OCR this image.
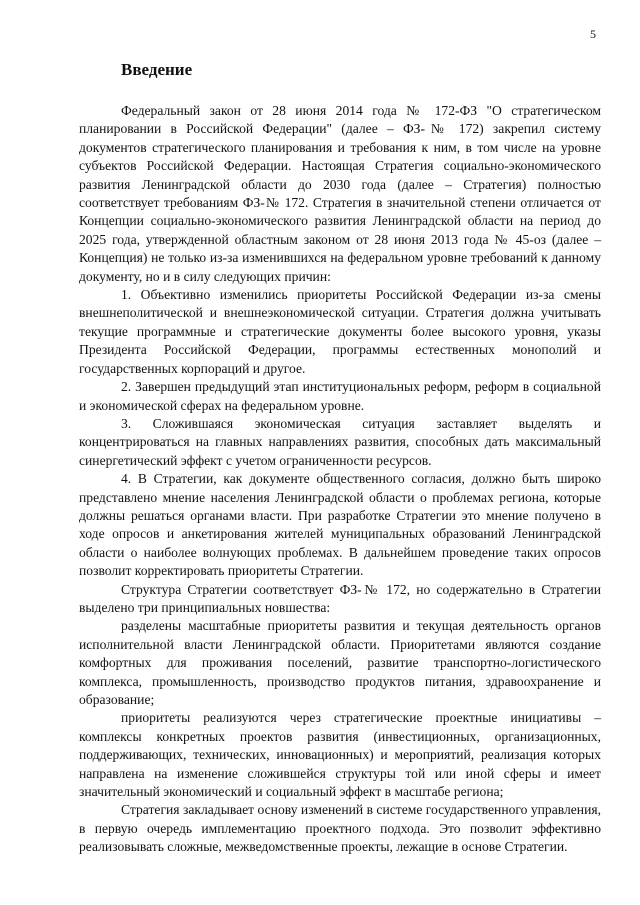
5
Введение

Федеральный закон от 28 июня 2014 года № 172-ФЗ "О стратегическом планировании в Российской Федерации" (далее – ФЗ-№ 172) закрепил систему документов стратегического планирования и требования к ним, в том числе на уровне субъектов Российской Федерации. Настоящая Стратегия социально-экономического развития Ленинградской области до 2030 года (далее – Стратегия) полностью соответствует требованиям ФЗ-№ 172. Стратегия в значительной степени отличается от Концепции социально-экономического развития Ленинградской области на период до 2025 года, утвержденной областным законом от 28 июня 2013 года № 45-оз (далее – Концепция) не только из-за изменившихся на федеральном уровне требований к данному документу, но и в силу следующих причин:

1. Объективно изменились приоритеты Российской Федерации из-за смены внешнеполитической и внешнеэкономической ситуации. Стратегия должна учитывать текущие программные и стратегические документы более высокого уровня, указы Президента Российской Федерации, программы естественных монополий и государственных корпораций и другое.

2. Завершен предыдущий этап институциональных реформ, реформ в социальной и экономической сферах на федеральном уровне.

3. Сложившаяся экономическая ситуация заставляет выделять и концентрироваться на главных направлениях развития, способных дать максимальный синергетический эффект с учетом ограниченности ресурсов.

4. В Стратегии, как документе общественного согласия, должно быть широко представлено мнение населения Ленинградской области о проблемах региона, которые должны решаться органами власти. При разработке Стратегии это мнение получено в ходе опросов и анкетирования жителей муниципальных образований Ленинградской области о наиболее волнующих проблемах. В дальнейшем проведение таких опросов позволит корректировать приоритеты Стратегии.

Структура Стратегии соответствует ФЗ-№ 172, но содержательно в Стратегии выделено три принципиальных новшества:

разделены масштабные приоритеты развития и текущая деятельность органов исполнительной власти Ленинградской области. Приоритетами являются создание комфортных для проживания поселений, развитие транспортно-логистического комплекса, промышленность, производство продуктов питания, здравоохранение и образование;

приоритеты реализуются через стратегические проектные инициативы – комплексы конкретных проектов развития (инвестиционных, организационных, поддерживающих, технических, инновационных) и мероприятий, реализация которых направлена на изменение сложившейся структуры той или иной сферы и имеет значительный экономический и социальный эффект в масштабе региона;

Стратегия закладывает основу изменений в системе государственного управления, в первую очередь имплементацию проектного подхода. Это позволит эффективно реализовывать сложные, межведомственные проекты, лежащие в основе Стратегии.
